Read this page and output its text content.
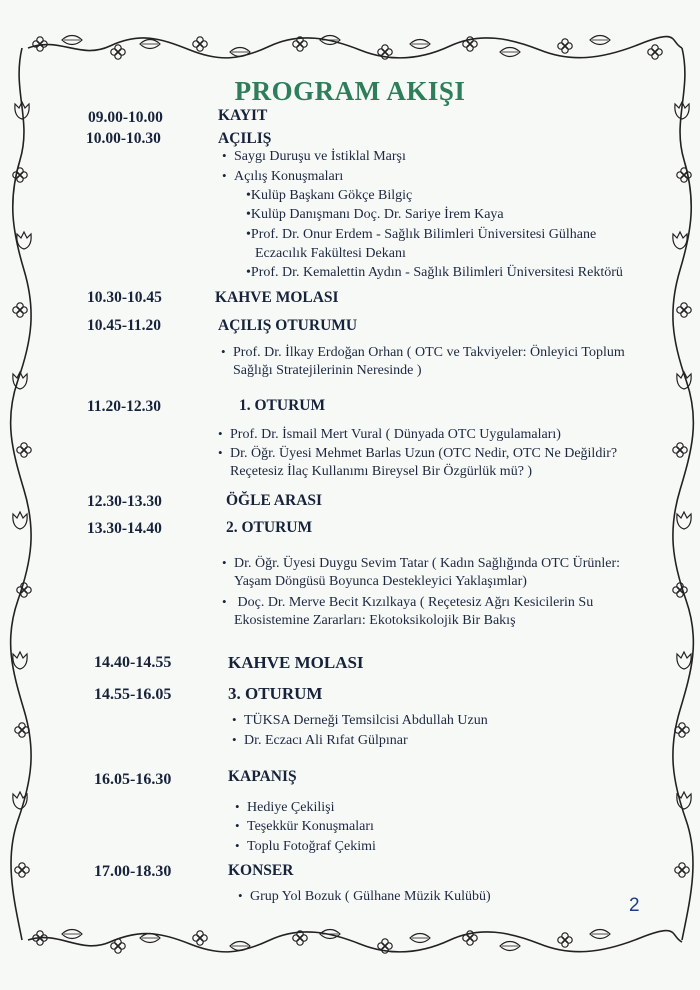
PROGRAM AKIŞI
09.00-10.00	KAYIT
10.00-10.30	AÇILIŞ
• Saygı Duruşu ve İstiklal Marşı
• Açılış Konuşmaları
• Kulüp Başkanı Gökçe Bilgiç
• Kulüp Danışmanı Doç. Dr. Sariye İrem Kaya
• Prof. Dr. Onur Erdem - Sağlık Bilimleri Üniversitesi Gülhane
Eczacılık Fakültesi Dekanı
• Prof. Dr. Kemalettin Aydın - Sağlık Bilimleri Üniversitesi Rektörü
10.30-10.45	KAHVE MOLASI
10.45-11.20	AÇILIŞ OTURUMU
• Prof. Dr. İlkay Erdoğan Orhan ( OTC ve Takviyeler: Önleyici Toplum
Sağlığı Stratejilerinin Neresinde )
11.20-12.30	1. OTURUM
• Prof. Dr. İsmail Mert Vural ( Dünyada OTC Uygulamaları)
• Dr. Öğr. Üyesi Mehmet Barlas Uzun (OTC Nedir, OTC Ne Değildir?
Reçetesiz İlaç Kullanımı Bireysel Bir Özgürlük mü? )
12.30-13.30	ÖĞLE ARASI
13.30-14.40	2. OTURUM
• Dr. Öğr. Üyesi Duygu Sevim Tatar ( Kadın Sağlığında OTC Ürünler:
Yaşam Döngüsü Boyunca Destekleyici Yaklaşımlar)
• Doç. Dr. Merve Becit Kızılkaya ( Reçetesiz Ağrı Kesicilerin Su
Ekosistemine Zararları: Ekotoksikolojik Bir Bakış
14.40-14.55	KAHVE MOLASI
14.55-16.05	3. OTURUM
• TÜKSA Derneği Temsilcisi Abdullah Uzun
• Dr. Eczacı Ali Rıfat Gülpınar
16.05-16.30	KAPANIŞ
• Hediye Çekilişi
• Teşekkür Konuşmaları
• Toplu Fotoğraf Çekimi
17.00-18.30	KONSER
• Grup Yol Bozuk ( Gülhane Müzik Kulübü)	2
